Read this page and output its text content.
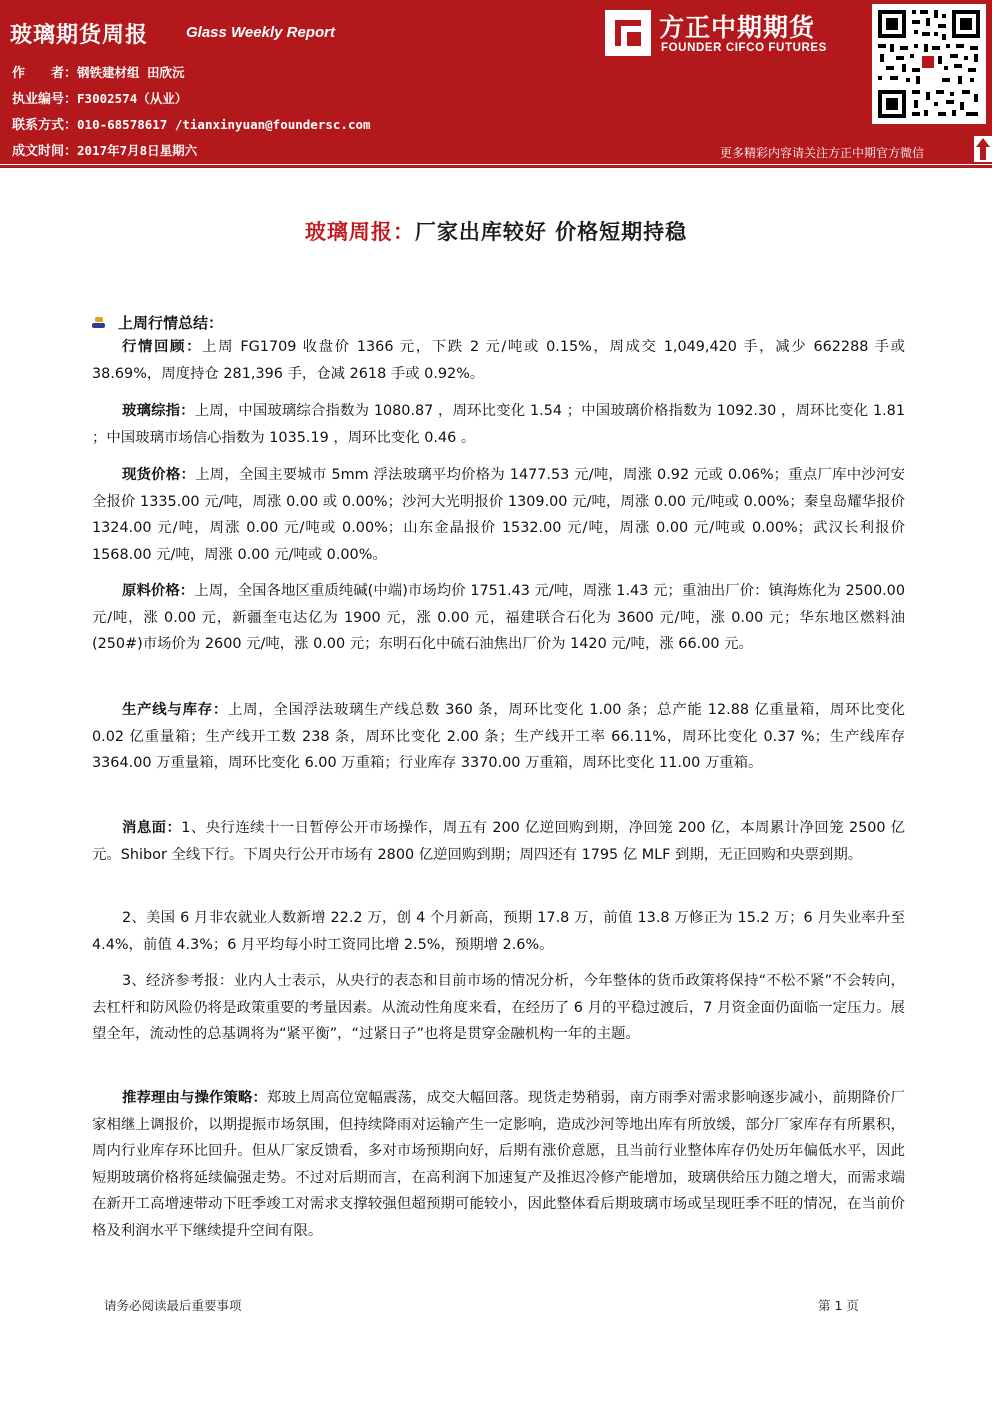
玻璃期货周报	Glass Weekly Report
作　　者：钢铁建材组 田欣沅
执业编号：F3002574（从业）
联系方式：010-68578617 /tianxinyuan@foundersc.com
成文时间：2017年7月8日星期六
方正中期期货
FOUNDER CIFCO FUTURES
更多精彩内容请关注方正中期官方微信
玻璃周报：厂家出库较好 价格短期持稳
上周行情总结：
行情回顾：上周 FG1709 收盘价 1366 元，下跌 2 元/吨或 0.15%，周成交 1,049,420 手，减少 662288 手或 38.69%，周度持仓 281,396 手，仓减 2618 手或 0.92%。
玻璃综指：上周，中国玻璃综合指数为 1080.87 ，周环比变化 1.54 ；中国玻璃价格指数为 1092.30 ，周环比变化 1.81 ；中国玻璃市场信心指数为 1035.19 ，周环比变化 0.46 。
现货价格：上周，全国主要城市 5mm 浮法玻璃平均价格为 1477.53 元/吨，周涨 0.92 元或 0.06%；重点厂库中沙河安全报价 1335.00 元/吨，周涨 0.00 或 0.00%；沙河大光明报价 1309.00 元/吨，周涨 0.00 元/吨或 0.00%；秦皇岛耀华报价 1324.00 元/吨，周涨 0.00 元/吨或 0.00%；山东金晶报价 1532.00 元/吨，周涨 0.00 元/吨或 0.00%；武汉长利报价 1568.00 元/吨，周涨 0.00 元/吨或 0.00%。
原料价格：上周，全国各地区重质纯碱(中端)市场均价 1751.43 元/吨，周涨 1.43 元；重油出厂价：镇海炼化为 2500.00 元/吨，涨 0.00 元，新疆奎屯达亿为 1900 元，涨 0.00 元，福建联合石化为 3600 元/吨，涨 0.00 元；华东地区燃料油(250#)市场价为 2600 元/吨，涨 0.00 元；东明石化中硫石油焦出厂价为 1420 元/吨，涨 66.00 元。
生产线与库存：上周，全国浮法玻璃生产线总数 360 条，周环比变化 1.00 条；总产能 12.88 亿重量箱，周环比变化 0.02 亿重量箱；生产线开工数 238 条，周环比变化 2.00 条；生产线开工率 66.11%，周环比变化 0.37 %；生产线库存 3364.00 万重量箱，周环比变化 6.00 万重箱；行业库存 3370.00 万重箱，周环比变化 11.00 万重箱。
消息面：1、央行连续十一日暂停公开市场操作，周五有 200 亿逆回购到期，净回笼 200 亿，本周累计净回笼 2500 亿元。Shibor 全线下行。下周央行公开市场有 2800 亿逆回购到期；周四还有 1795 亿 MLF 到期，无正回购和央票到期。
2、美国 6 月非农就业人数新增 22.2 万，创 4 个月新高，预期 17.8 万，前值 13.8 万修正为 15.2 万；6 月失业率升至 4.4%，前值 4.3%；6 月平均每小时工资同比增 2.5%，预期增 2.6%。
3、经济参考报：业内人士表示，从央行的表态和目前市场的情况分析，今年整体的货币政策将保持“不松不紧”不会转向，去杠杆和防风险仍将是政策重要的考量因素。从流动性角度来看，在经历了 6 月的平稳过渡后，7 月资金面仍面临一定压力。展望全年，流动性的总基调将为“紧平衡”，“过紧日子”也将是贯穿金融机构一年的主题。
推荐理由与操作策略：郑玻上周高位宽幅震荡，成交大幅回落。现货走势稍弱，南方雨季对需求影响逐步减小，前期降价厂家相继上调报价，以期提振市场氛围，但持续降雨对运输产生一定影响，造成沙河等地出库有所放缓，部分厂家库存有所累积，周内行业库存环比回升。但从厂家反馈看，多对市场预期向好，后期有涨价意愿，且当前行业整体库存仍处历年偏低水平，因此短期玻璃价格将延续偏强走势。不过对后期而言，在高利润下加速复产及推迟冷修产能增加，玻璃供给压力随之增大，而需求端在新开工高增速带动下旺季竣工对需求支撑较强但超预期可能较小，因此整体看后期玻璃市场或呈现旺季不旺的情况，在当前价格及利润水平下继续提升空间有限。
请务必阅读最后重要事项	第 1 页
